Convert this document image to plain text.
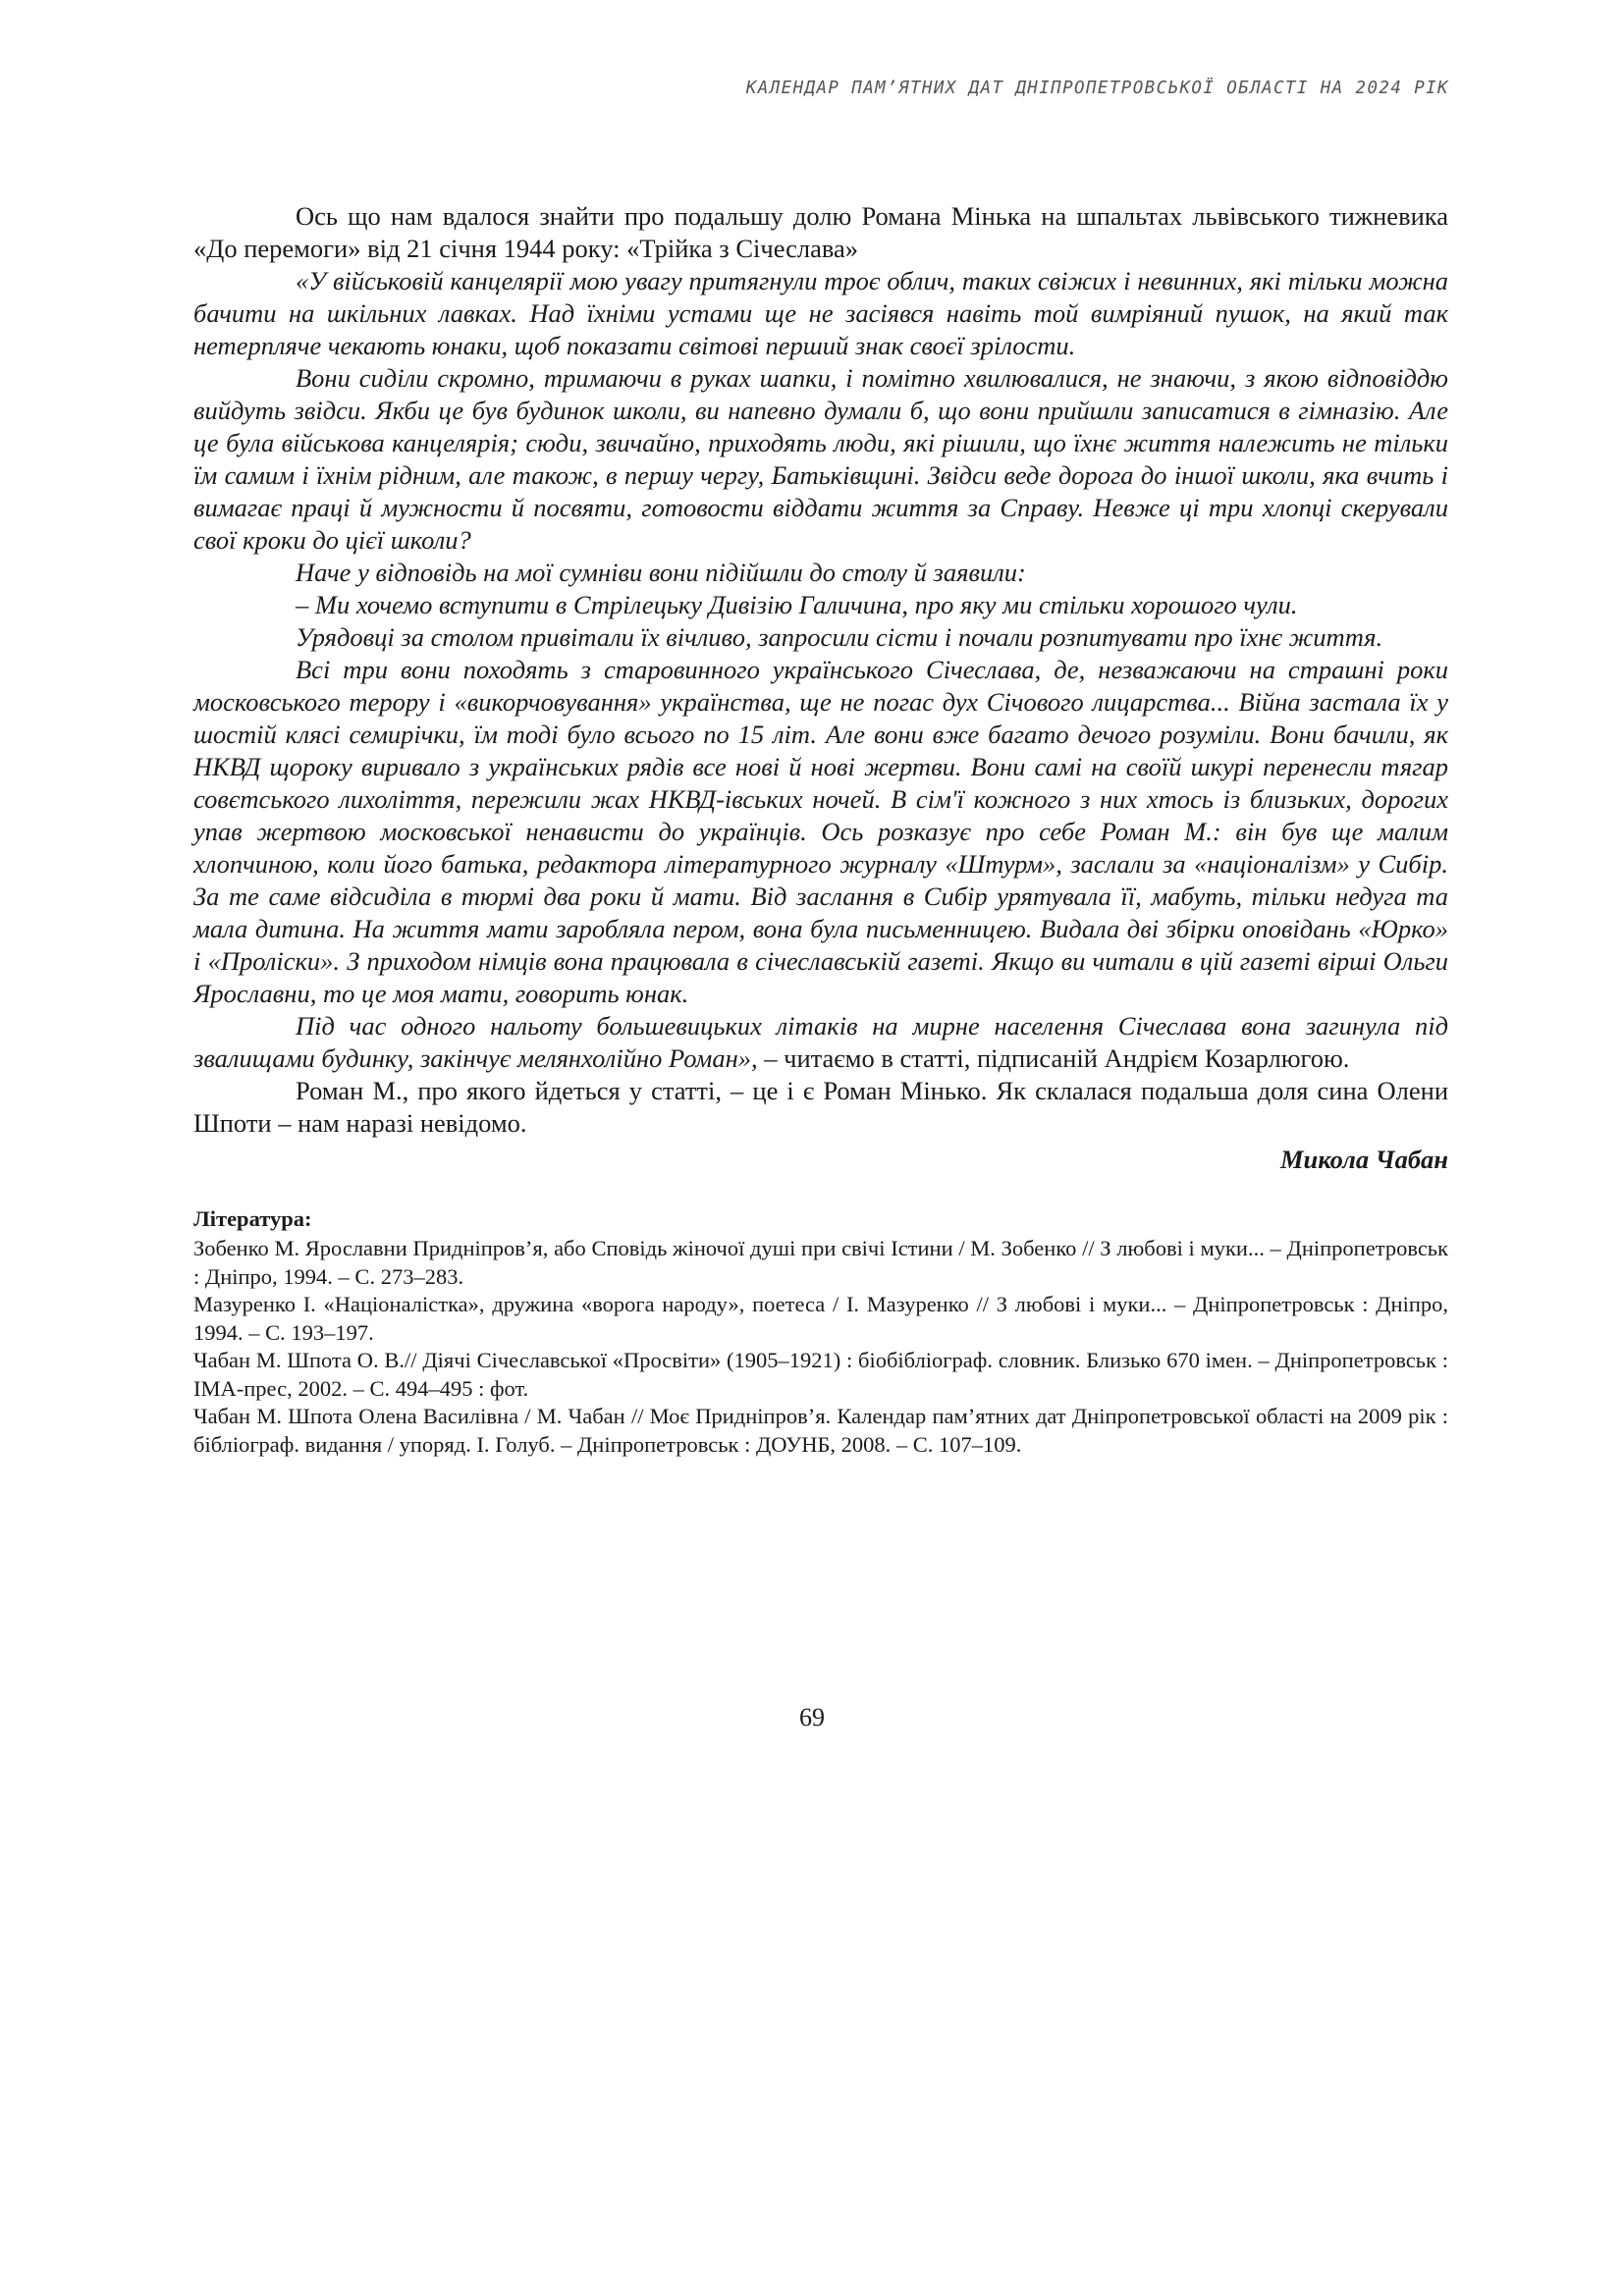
КАЛЕНДАР ПАМ’ЯТНИХ ДАТ ДНІПРОПЕТРОВСЬКОЇ ОБЛАСТІ НА 2024 РІК

Ось що нам вдалося знайти про подальшу долю Романа Мінька на шпальтах львівського тижневика «До перемоги» від 21 січня 1944 року: «Трійка з Січеслава»

«У військовій канцелярії мою увагу притягнули троє облич, таких свіжих і невинних, які тільки можна бачити на шкільних лавках. Над їхніми устами ще не засіявся навіть той вимріяний пушок, на який так нетерпляче чекають юнаки, щоб показати світові перший знак своєї зрілости.

Вони сиділи скромно, тримаючи в руках шапки, і помітно хвилювалися, не знаючи, з якою відповіддю вийдуть звідси. Якби це був будинок школи, ви напевно думали б, що вони прийшли записатися в гімназію. Але це була військова канцелярія; сюди, звичайно, приходять люди, які рішили, що їхнє життя належить не тільки їм самим і їхнім рідним, але також, в першу чергу, Батьківщині. Звідси веде дорога до іншої школи, яка вчить і вимагає праці й мужности й посвяти, готовости віддати життя за Справу. Невже ці три хлопці скерували свої кроки до цієї школи?

Наче у відповідь на мої сумніви вони підійшли до столу й заявили:

– Ми хочемо вступити в Стрілецьку Дивізію Галичина, про яку ми стільки хорошого чули.

Урядовці за столом привітали їх вічливо, запросили сісти і почали розпитувати про їхнє життя.

Всі три вони походять з старовинного українського Січеслава, де, незважаючи на страшні роки московського терору і «викорчовування» українства, ще не погас дух Січового лицарства... Війна застала їх у шостій клясі семирічки, їм тоді було всього по 15 літ. Але вони вже багато дечого розуміли. Вони бачили, як НКВД щороку виривало з українських рядів все нові й нові жертви. Вони самі на своїй шкурі перенесли тягар совєтського лихоліття, пережили жах НКВД-івських ночей. В сім'ї кожного з них хтось із близьких, дорогих упав жертвою московської ненависти до українців. Ось розказує про себе Роман М.: він був ще малим хлопчиною, коли його батька, редактора літературного журналу «Штурм», заслали за «націоналізм» у Сибір. За те саме відсиділа в тюрмі два роки й мати. Від заслання в Сибір урятувала її, мабуть, тільки недуга та мала дитина. На життя мати заробляла пером, вона була письменницею. Видала дві збірки оповідань «Юрко» і «Проліски». З приходом німців вона працювала в січеславській газеті. Якщо ви читали в цій газеті вірші Ольги Ярославни, то це моя мати, говорить юнак.

Під час одного нальоту большевицьких літаків на мирне населення Січеслава вона загинула під звалищами будинку, закінчує мелянхолійно Роман», – читаємо в статті, підписаній Андрієм Козарлюгою.

Роман М., про якого йдеться у статті, – це і є Роман Мінько. Як склалася подальша доля сина Олени Шпоти – нам наразі невідомо.

Микола Чабан
Література:
Зобенко М. Ярославни Придніпров’я, або Сповідь жіночої душі при свічі Істини / М. Зобенко // З любові і муки... – Дніпропетровськ : Дніпро, 1994. – С. 273–283.
Мазуренко І. «Націоналістка», дружина «ворога народу», поетеса / І. Мазуренко // З любові і муки... – Дніпропетровськ : Дніпро, 1994. – С. 193–197.
Чабан М. Шпота О. В.// Діячі Січеславської «Просвіти» (1905–1921) : біобібліограф. словник. Близько 670 імен. – Дніпропетровськ : ІМА-прес, 2002. – С. 494–495 : фот.
Чабан М. Шпота Олена Василівна / М. Чабан // Моє Придніпров’я. Календар пам’ятних дат Дніпропетровської області на 2009 рік : бібліограф. видання / упоряд. І. Голуб. – Дніпропетровськ : ДОУНБ, 2008. – С. 107–109.
69
